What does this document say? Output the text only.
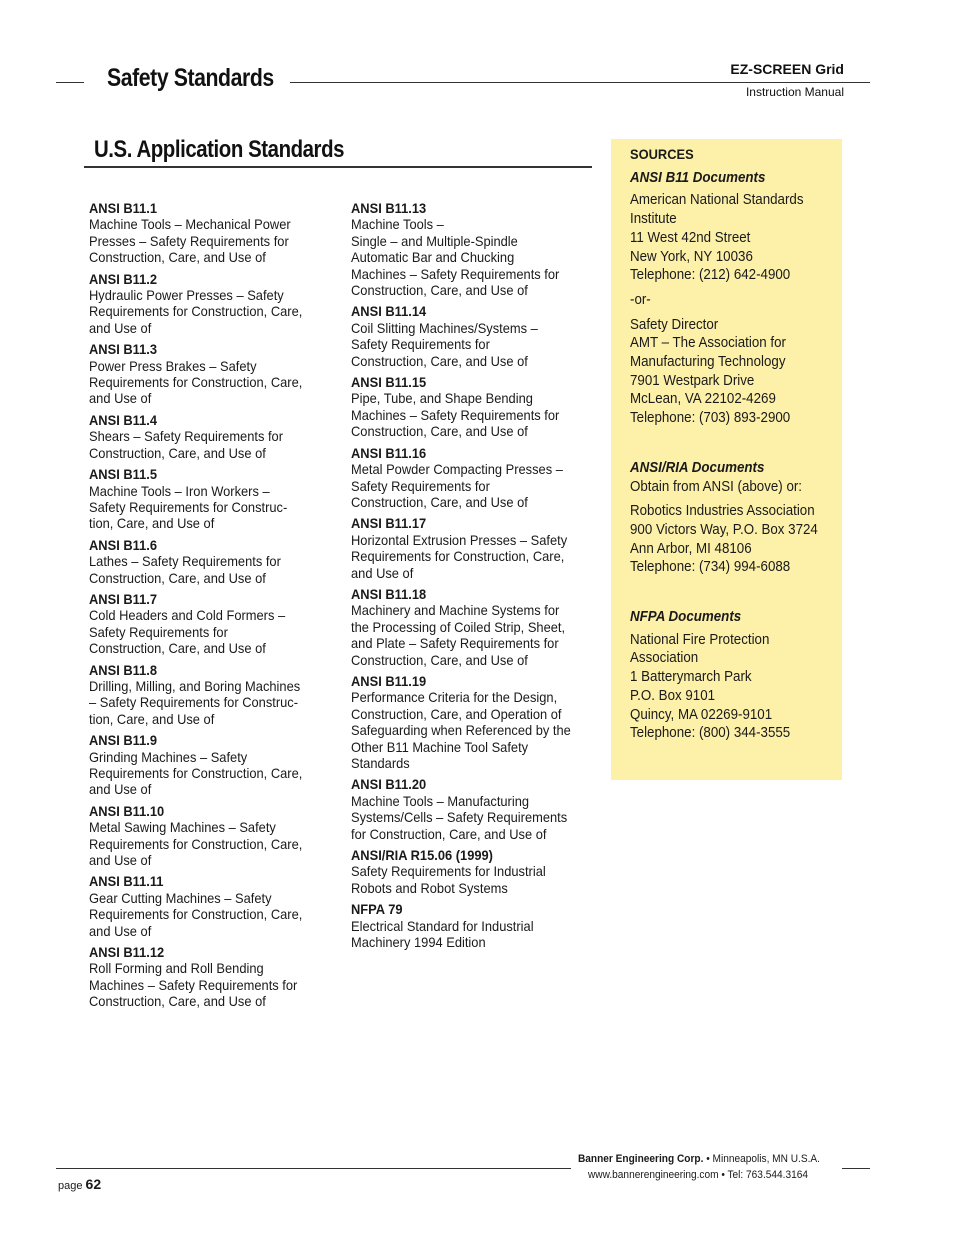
Safety Standards	EZ-SCREEN Grid
Instruction Manual
U.S. Application Standards
ANSI B11.1
Machine Tools – Mechanical Power
Presses – Safety Requirements for
Construction, Care, and Use of
ANSI B11.2
Hydraulic Power Presses – Safety
Requirements for Construction, Care,
and Use of
ANSI B11.3
Power Press Brakes – Safety
Requirements for Construction, Care,
and Use of
ANSI B11.4
Shears – Safety Requirements for
Construction, Care, and Use of
ANSI B11.5
Machine Tools – Iron Workers –
Safety Requirements for Construc-
tion, Care, and Use of
ANSI B11.6
Lathes – Safety Requirements for
Construction, Care, and Use of
ANSI B11.7
Cold Headers and Cold Formers –
Safety Requirements for
Construction, Care, and Use of
ANSI B11.8
Drilling, Milling, and Boring Machines
– Safety Requirements for Construc-
tion, Care, and Use of
ANSI B11.9
Grinding Machines – Safety
Requirements for Construction, Care,
and Use of
ANSI B11.10
Metal Sawing Machines – Safety
Requirements for Construction, Care,
and Use of
ANSI B11.11
Gear Cutting Machines – Safety
Requirements for Construction, Care,
and Use of
ANSI B11.12
Roll Forming and Roll Bending
Machines – Safety Requirements for
Construction, Care, and Use of
ANSI B11.13
Machine Tools –
Single – and Multiple-Spindle
Automatic Bar and Chucking
Machines – Safety Requirements for
Construction, Care, and Use of
ANSI B11.14
Coil Slitting Machines/Systems –
Safety Requirements for
Construction, Care, and Use of
ANSI B11.15
Pipe, Tube, and Shape Bending
Machines – Safety Requirements for
Construction, Care, and Use of
ANSI B11.16
Metal Powder Compacting Presses –
Safety Requirements for
Construction, Care, and Use of
ANSI B11.17
Horizontal Extrusion Presses – Safety
Requirements for Construction, Care,
and Use of
ANSI B11.18
Machinery and Machine Systems for
the Processing of Coiled Strip, Sheet,
and Plate – Safety Requirements for
Construction, Care, and Use of
ANSI B11.19
Performance Criteria for the Design,
Construction, Care, and Operation of
Safeguarding when Referenced by the
Other B11 Machine Tool Safety
Standards
ANSI B11.20
Machine Tools – Manufacturing
Systems/Cells – Safety Requirements
for Construction, Care, and Use of
ANSI/RIA R15.06 (1999)
Safety Requirements for Industrial
Robots and Robot Systems
NFPA 79
Electrical Standard for Industrial
Machinery 1994 Edition
SOURCES
ANSI B11 Documents
American National Standards
Institute
11 West 42nd Street
New York, NY 10036
Telephone: (212) 642-4900
-or-
Safety Director
AMT – The Association for
Manufacturing Technology
7901 Westpark Drive
McLean, VA 22102-4269
Telephone: (703) 893-2900
ANSI/RIA Documents
Obtain from ANSI (above) or:
Robotics Industries Association
900 Victors Way, P.O. Box 3724
Ann Arbor, MI 48106
Telephone: (734) 994-6088
NFPA Documents
National Fire Protection
Association
1 Batterymarch Park
P.O. Box 9101
Quincy, MA 02269-9101
Telephone: (800) 344-3555
Banner Engineering Corp. • Minneapolis, MN U.S.A.
www.bannerengineering.com • Tel: 763.544.3164
page 62
